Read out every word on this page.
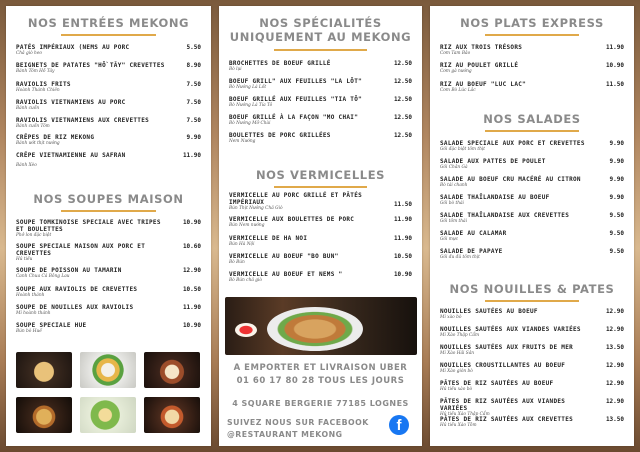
NOS ENTRÉES MEKONG
PATÉS IMPÉRIAUX (NEMS AU PORC	5.50
Chả giò heo
BEIGNETS DE PATATES "HỒ TÂY" CREVETTES	8.90
Bánh Tôm Hồ Tây
RAVIOLIS FRITS	7.50
Hoành Thánh Chiên
RAVIOLIS VIETNAMIENS AU PORC	7.50
Bánh cuốn
RAVIOLIS VIETNAMIENS AUX CREVETTES	7.50
Bánh cuốn Tôm
CRÊPES DE RIZ MEKONG	9.90
Bánh ướt thịt nướng
CRÊPE VIETNAMIENNE AU SAFRAN	11.90
Bánh Xèo
NOS SOUPES MAISON
SOUPE TOMKINOISE SPECIALE AVEC TRIPES ET BOULETTES
10.90
Phở lon đặc biệt
SOUPE SPECIALE MAISON AUX PORC ET CREVETTES
10.60
Hủ tiếu
SOUPE DE POISSON AU TAMARIN	12.90
Canh Chua Cá Bông Lau
SOUPE AUX RAVIOLIS DE CREVETTES	10.50
Hoành thánh
SOUPE DE NOUILLES AUX RAVIOLIS	11.90
Mì hoành thánh
SOUPE SPECIALE HUE	10.90
Bún bò Huế
NOS SPÉCIALITÉS
UNIQUEMENT AU MEKONG
BROCHETTES DE BOEUF GRILLÉ	12.50
Bò lụi
BOEUF GRILL" AUX FEUILLES "LA LÔT"	12.50
Bò Nướng Lá Lốt
BOEUF GRILLÉ AUX FEUILLES "TIA TÔ"	12.50
Bò Nướng Lá Tía Tô
BOEUF GRILLÉ À LA FAÇON "MO CHAI"	12.50
Bò Nướng Mỡ Chài
BOULETTES DE PORC GRILLÉES	12.50
Nem Nướng
NOS VERMICELLES
VERMICELLE AU PORC GRILLÉ ET PÂTÉS IMPÉRIAUX	11.50
Bún Thịt Nướng Chả Giò
VERMICELLE AUX BOULETTES DE PORC	11.90
Bún Nem nướng
VERMICELLE DE HA NOI	11.90
Bún Hà Nội
VERMICELLE AU BOEUF "BO BUN"	10.50
Bò Bún
VERMICELLE AU BOEUF ET NEMS "	10.90
Bò Bún chả giò
A EMPORTER ET LIVRAISON UBER
01 60 17 80 28 TOUS LES JOURS
4 SQUARE BERGERIE 77185 LOGNES
SUIVEZ NOUS SUR FACEBOOK
@RESTAURANT MEKONG
f
NOS PLATS EXPRESS
RIZ AUX TROIS TRÉSORS	11.90
Cơm Tam Bảo
RIZ AU POULET GRILLÉ	10.90
Cơm gà nướng
RIZ AU BOEUF "LUC LAC"	11.50
Cơm Bò Lúc Lắc
NOS SALADES
SALADE SPECIALE AUX PORC ET CREVETTES	9.90
Gỏi đặc biệt tôm thịt
SALADE AUX PATTES DE POULET	9.90
Gỏi Chân Gà
SALADE AU BOEUF CRU MACÉRÉ AU CITRON	9.90
Bò tái chanh
SALADE THAÏLANDAISE AU BOEUF	9.90
Gỏi bò thái
SALADE THAÏLANDAISE AUX CREVETTES	9.50
Gỏi tôm thái
SALADE AU CALAMAR	9.50
Gỏi mực
SALADE DE PAPAYE	9.50
Gỏi đu đủ tôm thịt
NOS NOUILLES & PATES
NOUILLES SAUTÉES AU BOEUF	12.90
Mì xào bò
NOUILLES SAUTÉES AUX VIANDES VARIÉES	12.90
Mì Xào Thập Cẩm
NOUILLES SAUTÉES AUX FRUITS DE MER	13.50
Mì Xào Hải Sản
NOUILLES CROUSTILLANTES AU BOEUF	12.90
Mì Xào giòn bò
PÂTES DE RIZ SAUTÉES AU BOEUF	12.90
Hủ tiếu xào bò
PÂTES DE RIZ SAUTÉES AUX VIANDES VARIÉES
12.90
Hủ tiếu Xào Thập Cẩm
PÂTES DE RIZ SAUTÉES AUX CREVETTES	13.50
Hủ tiếu Xào Tôm
